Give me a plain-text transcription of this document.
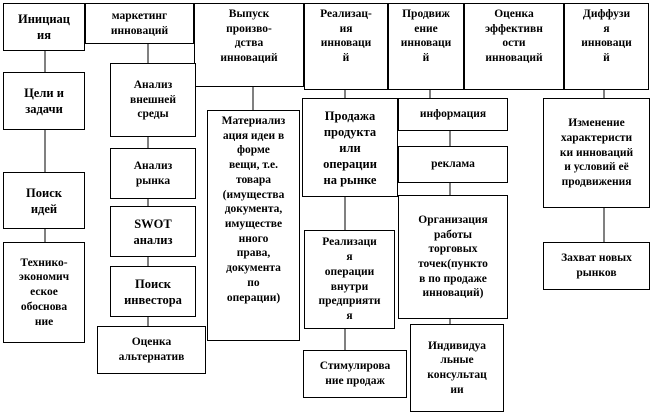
Инициац
ия
маркетинг
инноваций
Выпуск
произво-
дства
инноваций
Реализац-
ия
инноваци
й
Продвиж
ение
инноваци
й
Оценка
эффективн
ости
инноваций
Диффузи
я
инноваци
й
Цели и
задачи
Поиск
идей
Технико-
экономич
еское
обоснова
ние
Анализ
внешней
среды
Анализ
рынка
SWOT
анализ
Поиск
инвестора
Оценка
альтернатив
Материализ
ация идеи в
форме
вещи, т.е.
товара
(имущества
документа,
имуществе
нного
права,
документа
по
операции)
Продажа
продукта
или
операции
на рынке
Реализаци
я
операции
внутри
предприяти
я
информация
реклама
Организация
работы
торговых
точек(пункто
в по продаже
инноваций)
Индивидуа
льные
консультац
ии
Стимулирова
ние продаж
Изменение
характеристи
ки инноваций
и условий её
продвижения
Захват новых
рынков
